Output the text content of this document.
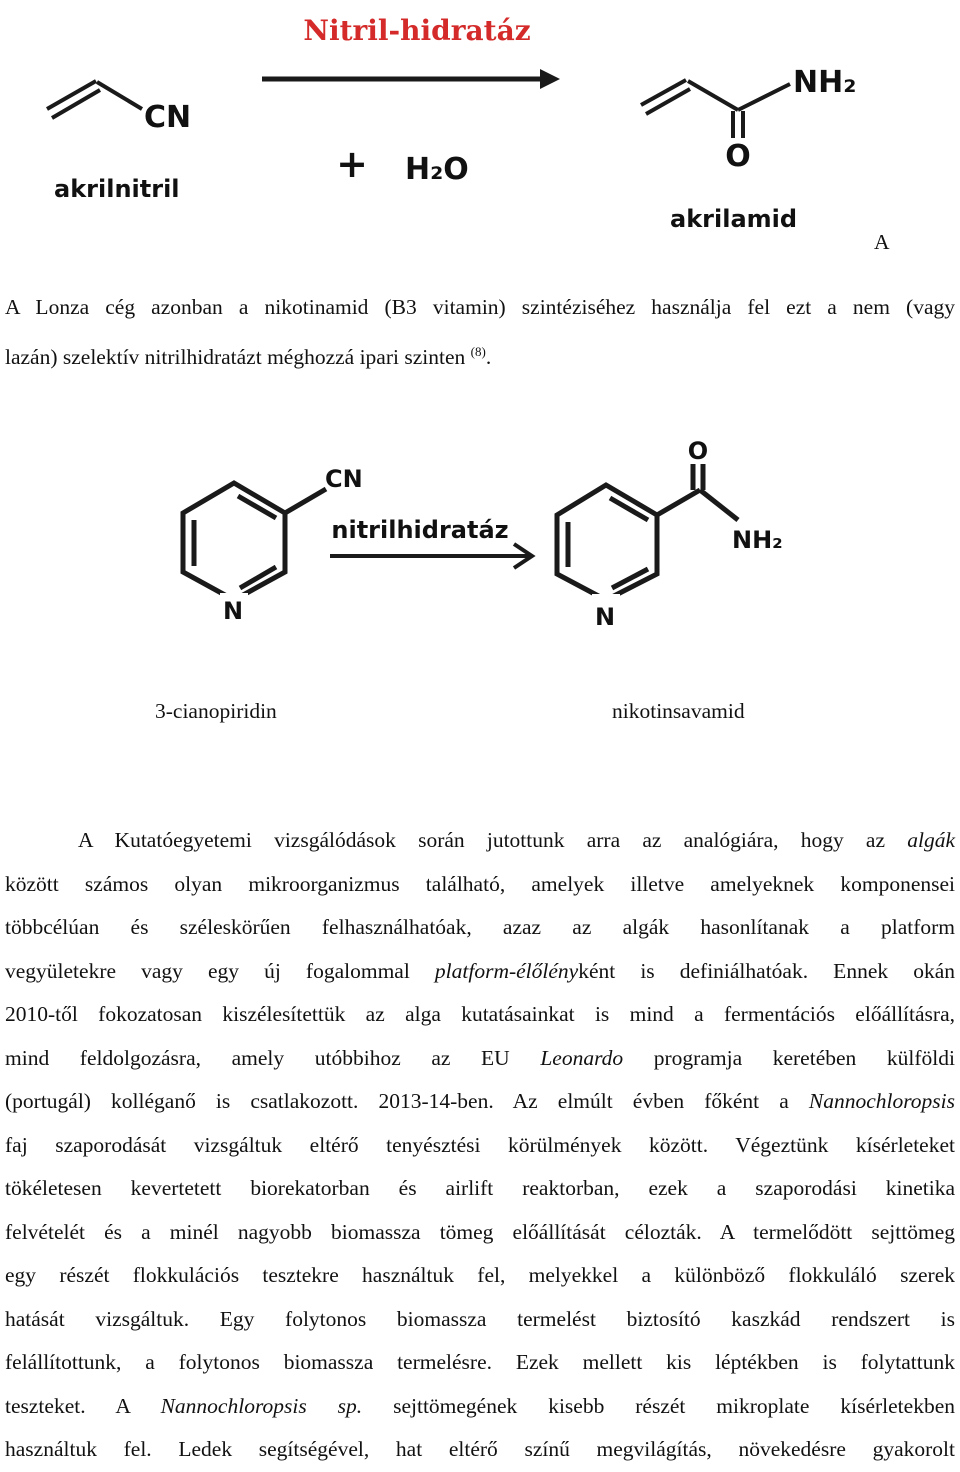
Nitril-hidratáz
CN
akrilnitril
+ H₂O
NH₂
O
akrilamid
A
A Lonza cég azonban a nikotinamid (B3 vitamin) szintéziséhez használja fel ezt a nem (vagy
lazán) szelektív nitrilhidratázt méghozzá ipari szinten $^{(8)}$.
N
CN
nitrilhidratáz
N
O
NH₂
3-cianopiridin	nikotinsavamid
A Kutatóegyetemi vizsgálódások során jutottunk arra az analógiára, hogy az algák
között számos olyan mikroorganizmus található, amelyek illetve amelyeknek komponensei
többcélúan és széleskörűen felhasználhatóak, azaz az algák hasonlítanak a platform
vegyületekre vagy egy új fogalommal platform-élőlényként is definiálhatóak. Ennek okán
2010-től fokozatosan kiszélesítettük az alga kutatásainkat is mind a fermentációs előállításra,
mind feldolgozásra, amely utóbbihoz az EU Leonardo programja keretében külföldi
(portugál) kolléganő is csatlakozott. 2013-14-ben. Az elmúlt évben főként a Nannochloropsis
faj szaporodását vizsgáltuk eltérő tenyésztési körülmények között. Végeztünk kísérleteket
tökéletesen kevertetett biorekatorban és airlift reaktorban, ezek a szaporodási kinetika
felvételét és a minél nagyobb biomassza tömeg előállítását célozták. A termelődött sejttömeg
egy részét flokkulációs tesztekre használtuk fel, melyekkel a különböző flokkuláló szerek
hatását vizsgáltuk. Egy folytonos biomassza termelést biztosító kaszkád rendszert is
felállítottunk, a folytonos biomassza termelésre. Ezek mellett kis léptékben is folytattunk
teszteket. A Nannochloropsis sp. sejttömegének kisebb részét mikroplate kísérletekben
használtuk fel. Ledek segítségével, hat eltérő színű megvilágítás, növekedésre gyakorolt
